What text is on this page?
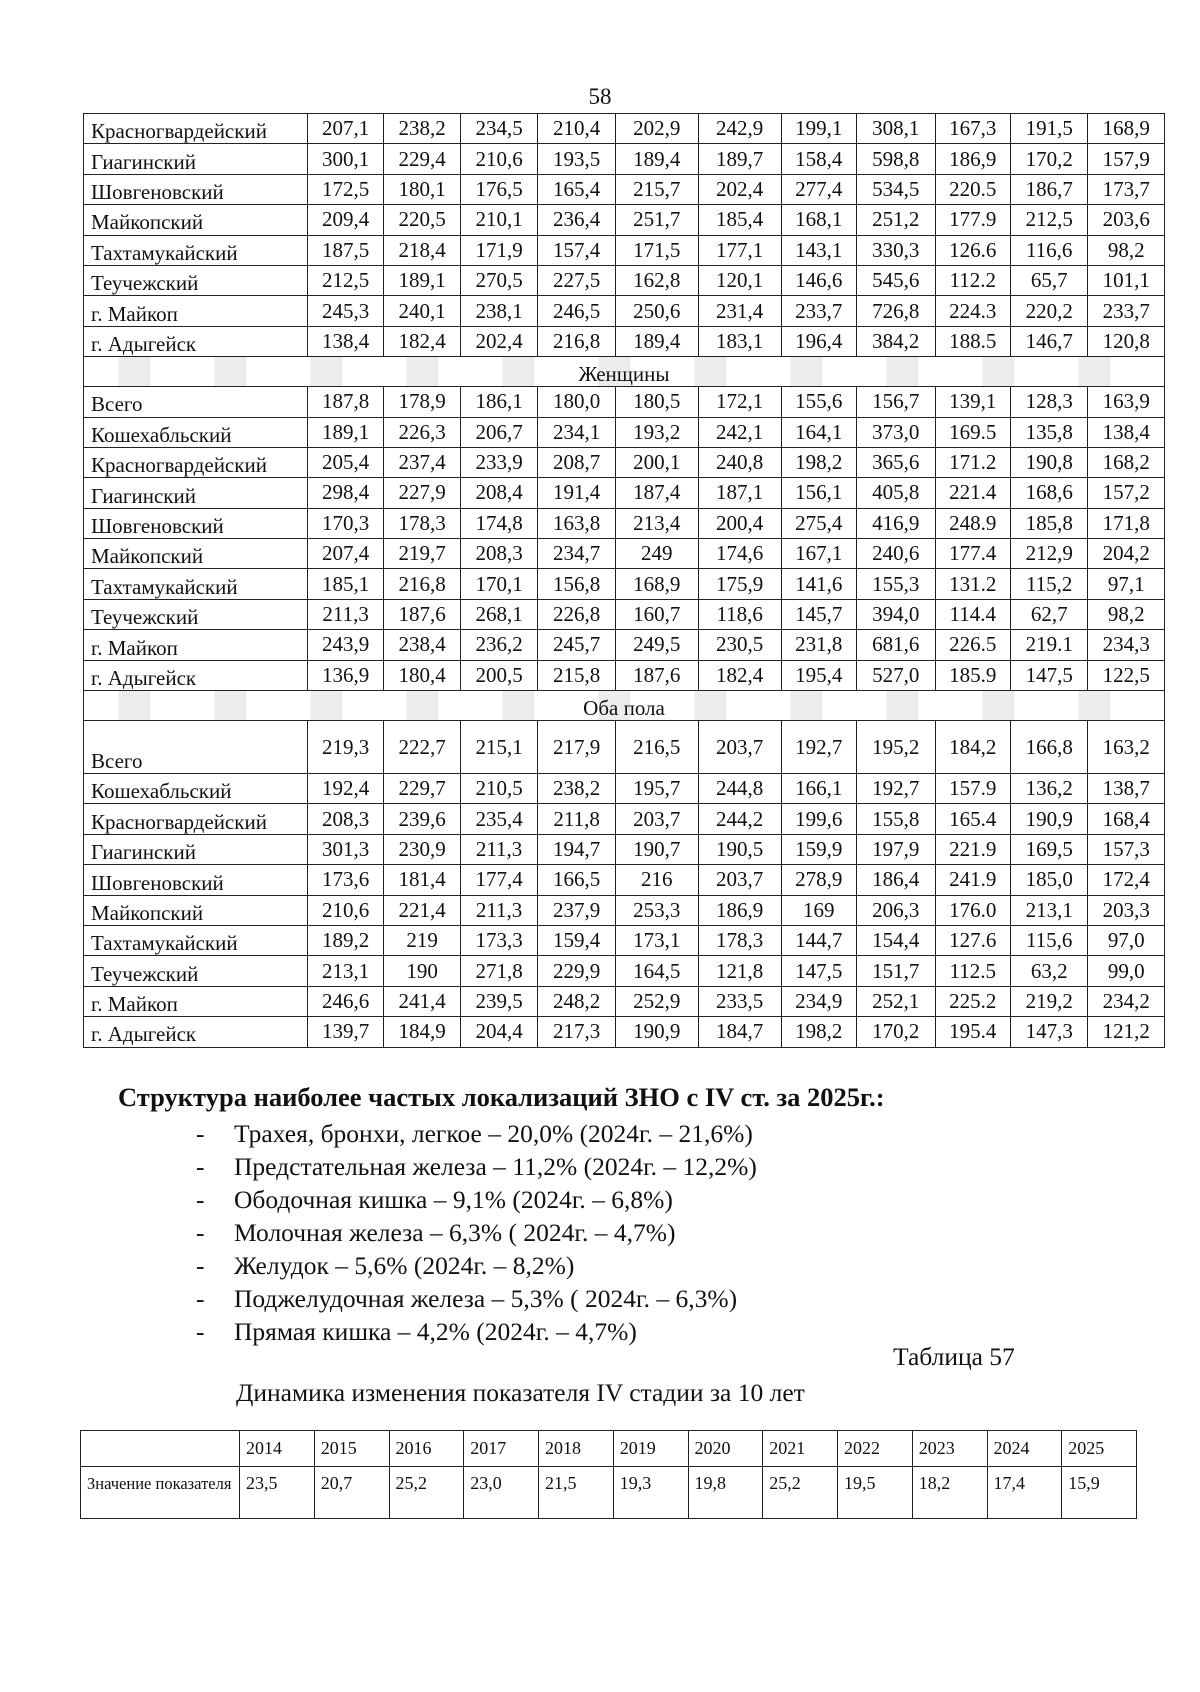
58
Красногвардейский	207,1	238,2	234,5	210,4	202,9	242,9	199,1	308,1	167,3	191,5	168,9
Гиагинский	300,1	229,4	210,6	193,5	189,4	189,7	158,4	598,8	186,9	170,2	157,9
Шовгеновский	172,5	180,1	176,5	165,4	215,7	202,4	277,4	534,5	220.5	186,7	173,7
Майкопский	209,4	220,5	210,1	236,4	251,7	185,4	168,1	251,2	177.9	212,5	203,6
Тахтамукайский	187,5	218,4	171,9	157,4	171,5	177,1	143,1	330,3	126.6	116,6	98,2
Теучежский	212,5	189,1	270,5	227,5	162,8	120,1	146,6	545,6	112.2	65,7	101,1
г. Майкоп	245,3	240,1	238,1	246,5	250,6	231,4	233,7	726,8	224.3	220,2	233,7
г. Адыгейск	138,4	182,4	202,4	216,8	189,4	183,1	196,4	384,2	188.5	146,7	120,8
Женщины											
Всего	187,8	178,9	186,1	180,0	180,5	172,1	155,6	156,7	139,1	128,3	163,9
Кошехабльский	189,1	226,3	206,7	234,1	193,2	242,1	164,1	373,0	169.5	135,8	138,4
Красногвардейский	205,4	237,4	233,9	208,7	200,1	240,8	198,2	365,6	171.2	190,8	168,2
Гиагинский	298,4	227,9	208,4	191,4	187,4	187,1	156,1	405,8	221.4	168,6	157,2
Шовгеновский	170,3	178,3	174,8	163,8	213,4	200,4	275,4	416,9	248.9	185,8	171,8
Майкопский	207,4	219,7	208,3	234,7	249	174,6	167,1	240,6	177.4	212,9	204,2
Тахтамукайский	185,1	216,8	170,1	156,8	168,9	175,9	141,6	155,3	131.2	115,2	97,1
Теучежский	211,3	187,6	268,1	226,8	160,7	118,6	145,7	394,0	114.4	62,7	98,2
г. Майкоп	243,9	238,4	236,2	245,7	249,5	230,5	231,8	681,6	226.5	219.1	234,3
г. Адыгейск	136,9	180,4	200,5	215,8	187,6	182,4	195,4	527,0	185.9	147,5	122,5
Оба пола											
Всего	219,3	222,7	215,1	217,9	216,5	203,7	192,7	195,2	184,2	166,8	163,2
Кошехабльский	192,4	229,7	210,5	238,2	195,7	244,8	166,1	192,7	157.9	136,2	138,7
Красногвардейский	208,3	239,6	235,4	211,8	203,7	244,2	199,6	155,8	165.4	190,9	168,4
Гиагинский	301,3	230,9	211,3	194,7	190,7	190,5	159,9	197,9	221.9	169,5	157,3
Шовгеновский	173,6	181,4	177,4	166,5	216	203,7	278,9	186,4	241.9	185,0	172,4
Майкопский	210,6	221,4	211,3	237,9	253,3	186,9	169	206,3	176.0	213,1	203,3
Тахтамукайский	189,2	219	173,3	159,4	173,1	178,3	144,7	154,4	127.6	115,6	97,0
Теучежский	213,1	190	271,8	229,9	164,5	121,8	147,5	151,7	112.5	63,2	99,0
г. Майкоп	246,6	241,4	239,5	248,2	252,9	233,5	234,9	252,1	225.2	219,2	234,2
г. Адыгейск	139,7	184,9	204,4	217,3	190,9	184,7	198,2	170,2	195.4	147,3	121,2
Структура наиболее частых локализаций ЗНО с IV ст. за 2025г.:
- Трахея, бронхи, легкое – 20,0% (2024г. – 21,6%)
- Предстательная железа – 11,2% (2024г. – 12,2%)
- Ободочная кишка – 9,1% (2024г. – 6,8%)
- Молочная железа – 6,3% ( 2024г. – 4,7%)
- Желудок – 5,6% (2024г. – 8,2%)
- Поджелудочная железа – 5,3% ( 2024г. – 6,3%)
- Прямая кишка – 4,2% (2024г. – 4,7%)
Таблица 57
Динамика изменения показателя IV стадии за 10 лет
	2014	2015	2016	2017	2018	2019	2020	2021	2022	2023	2024	2025
Значение показателя	23,5	20,7	25,2	23,0	21,5	19,3	19,8	25,2	19,5	18,2	17,4	15,9
